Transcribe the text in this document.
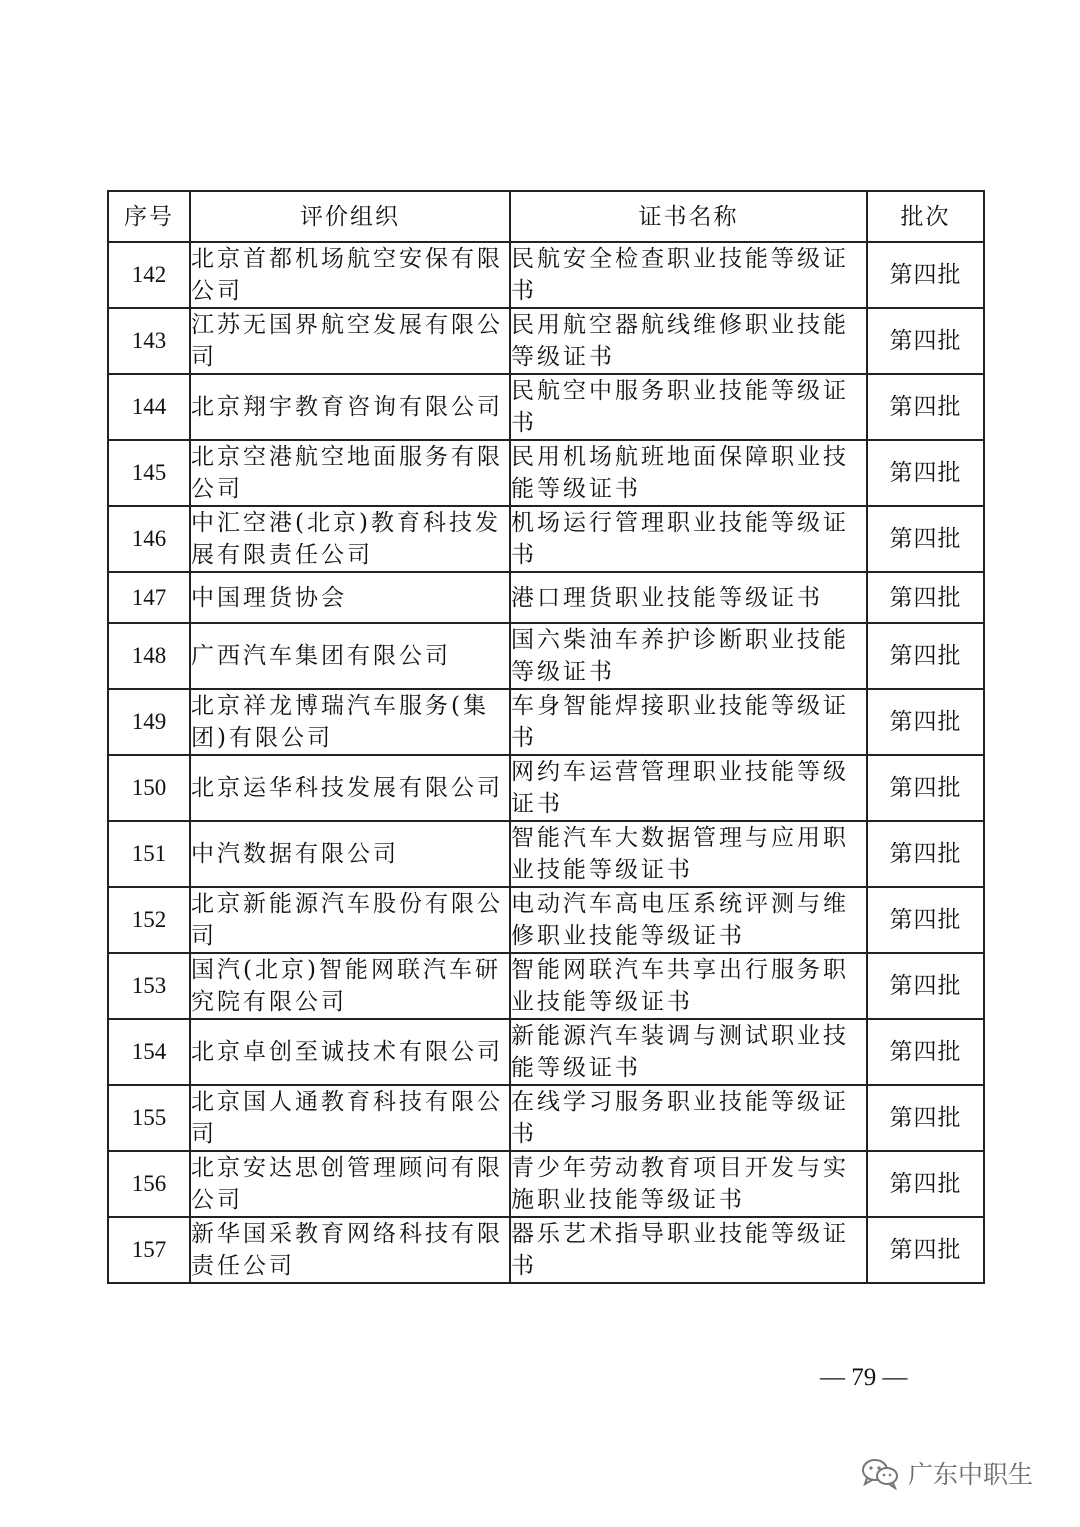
序号	评价组织	证书名称	批次
142	北京首都机场航空安保有限公司	民航安全检查职业技能等级证书	第四批
143	江苏无国界航空发展有限公司	民用航空器航线维修职业技能等级证书	第四批
144	北京翔宇教育咨询有限公司	民航空中服务职业技能等级证书	第四批
145	北京空港航空地面服务有限公司	民用机场航班地面保障职业技能等级证书	第四批
146	中汇空港(北京)教育科技发展有限责任公司	机场运行管理职业技能等级证书	第四批
147	中国理货协会	港口理货职业技能等级证书	第四批
148	广西汽车集团有限公司	国六柴油车养护诊断职业技能等级证书	第四批
149	北京祥龙博瑞汽车服务(集团)有限公司	车身智能焊接职业技能等级证书	第四批
150	北京运华科技发展有限公司	网约车运营管理职业技能等级证书	第四批
151	中汽数据有限公司	智能汽车大数据管理与应用职业技能等级证书	第四批
152	北京新能源汽车股份有限公司	电动汽车高电压系统评测与维修职业技能等级证书	第四批
153	国汽(北京)智能网联汽车研究院有限公司	智能网联汽车共享出行服务职业技能等级证书	第四批
154	北京卓创至诚技术有限公司	新能源汽车装调与测试职业技能等级证书	第四批
155	北京国人通教育科技有限公司	在线学习服务职业技能等级证书	第四批
156	北京安达思创管理顾问有限公司	青少年劳动教育项目开发与实施职业技能等级证书	第四批
157	新华国采教育网络科技有限责任公司	器乐艺术指导职业技能等级证书	第四批
— 79 —
广东中职生
